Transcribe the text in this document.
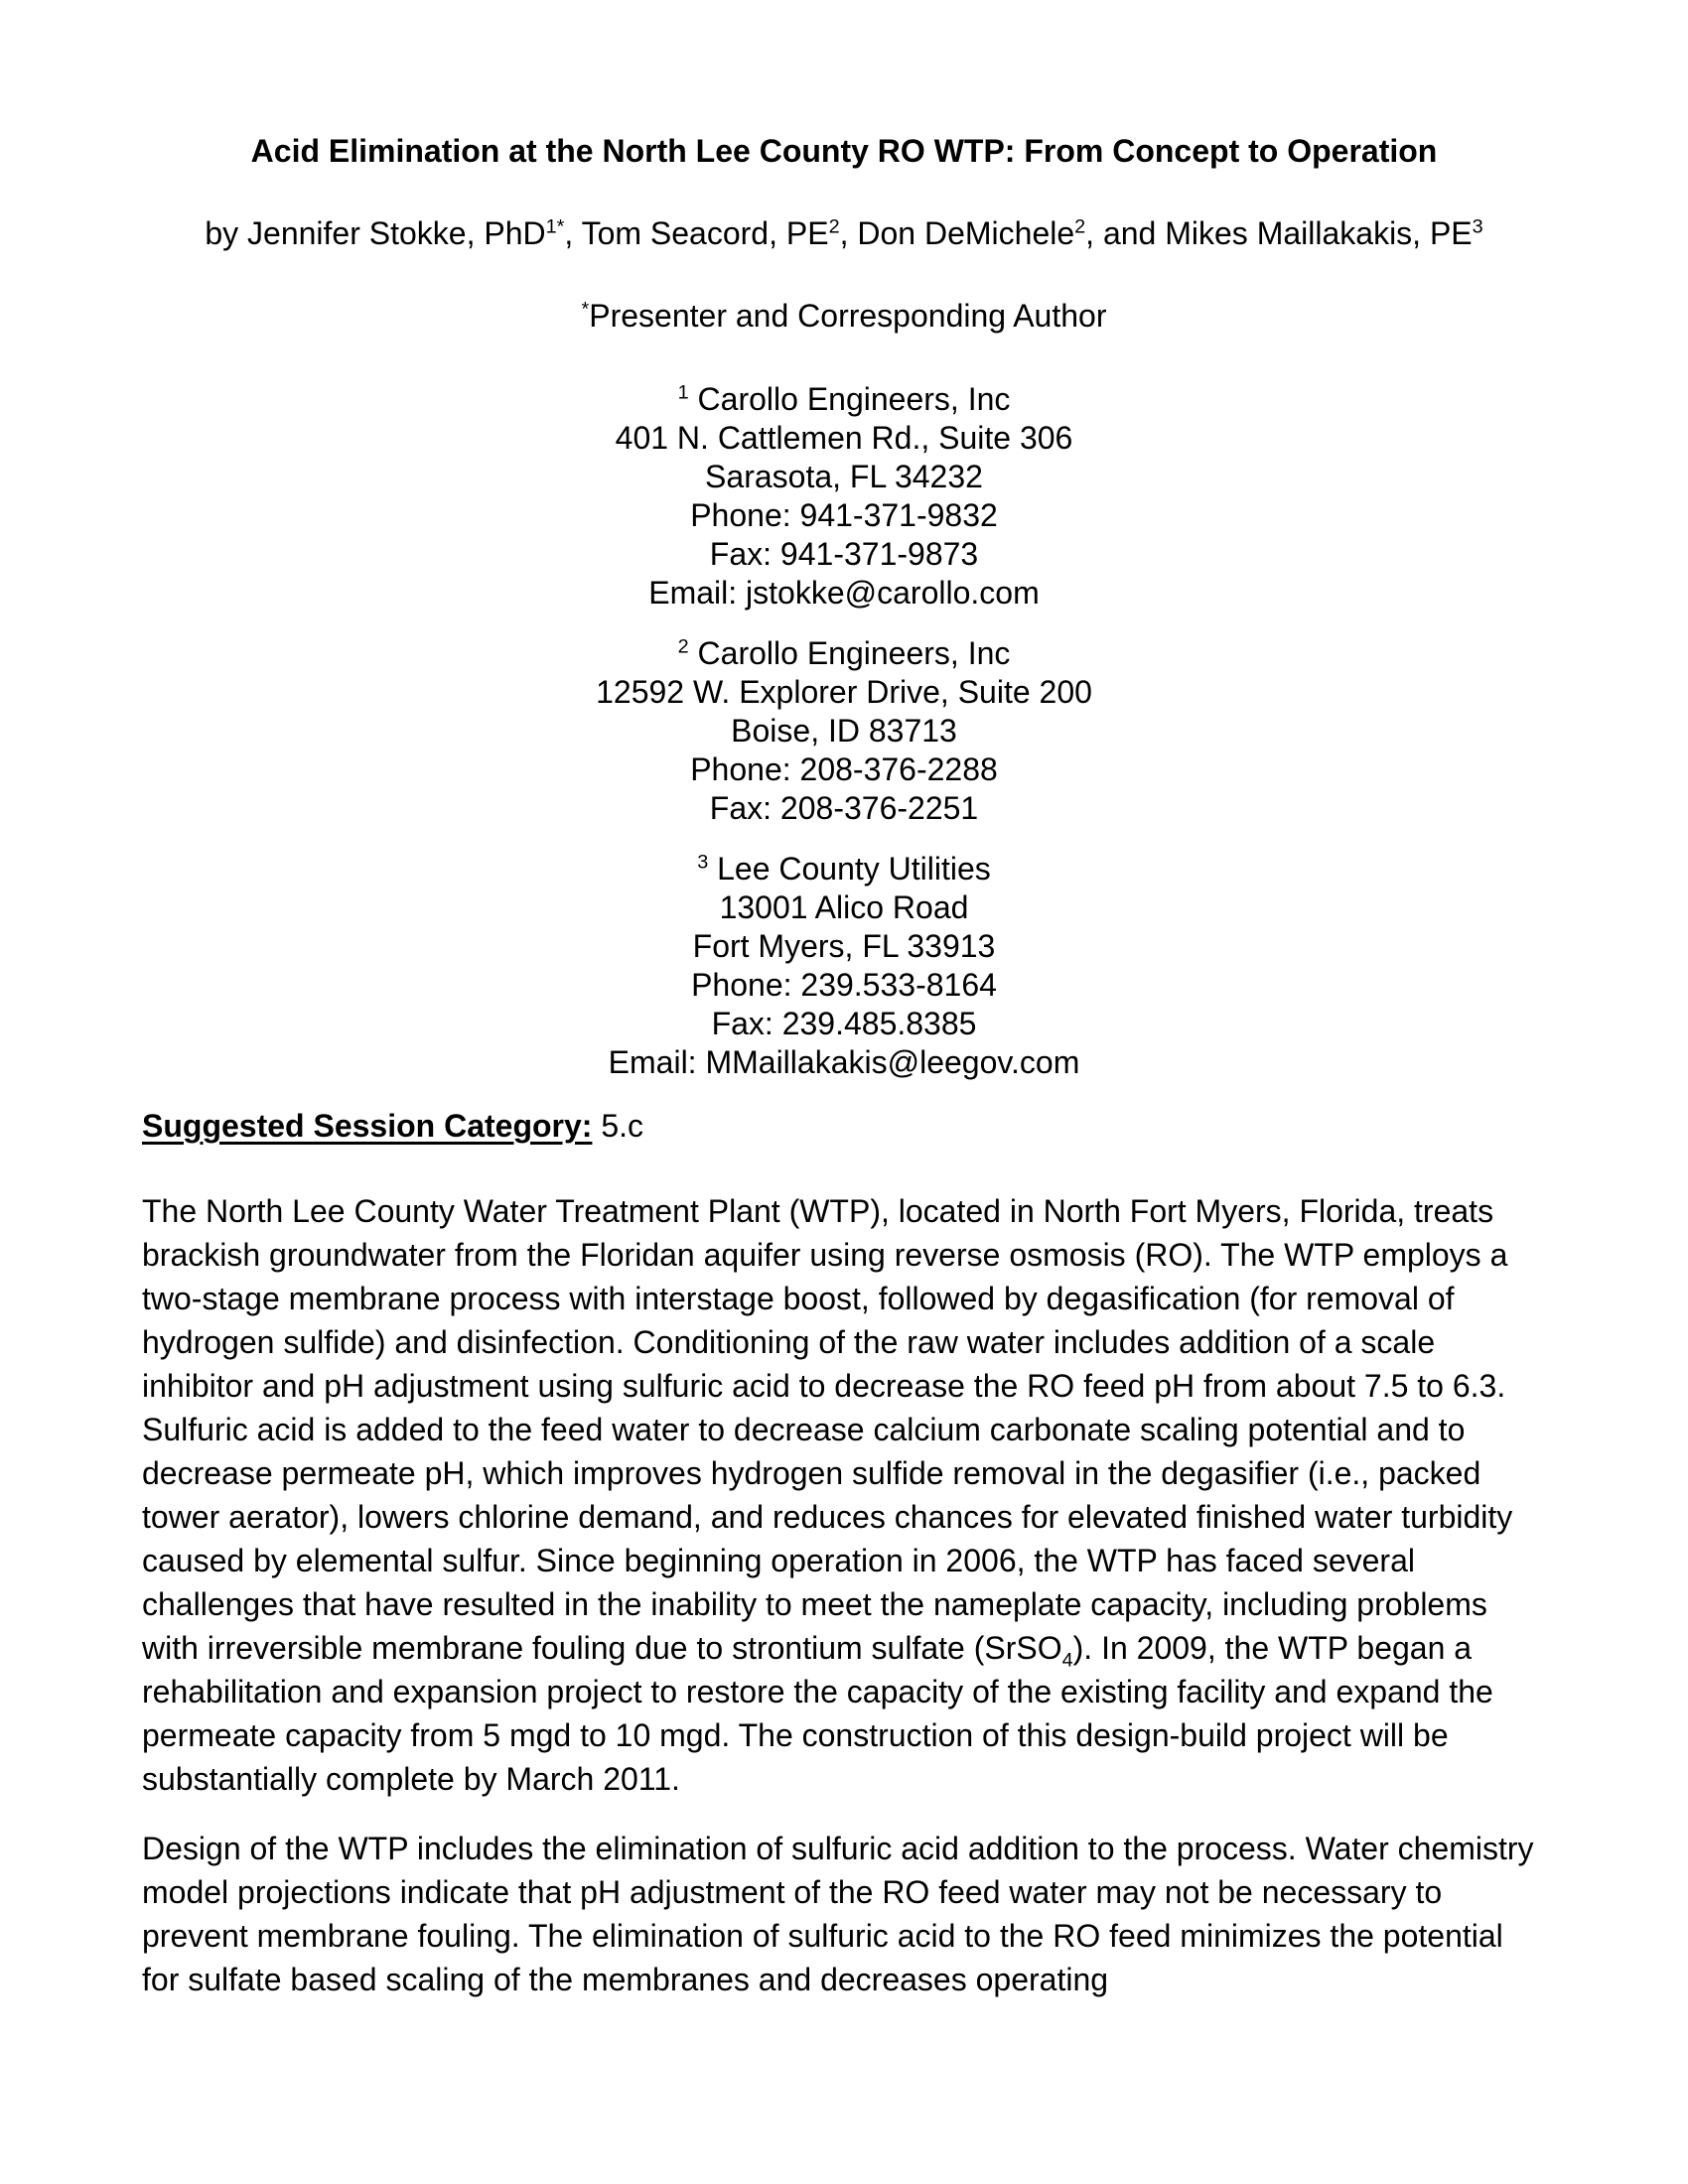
Acid Elimination at the North Lee County RO WTP: From Concept to Operation
by Jennifer Stokke, PhD$^{1*}$, Tom Seacord, $PE^2$, Don DeMichele$^2$, and Mikes Maillakakis, $PE^3$
*Presenter and Corresponding Author
$^1$ Carollo Engineers, Inc
401 N. Cattlemen Rd., Suite 306
Sarasota, FL 34232
Phone: 941-371-9832
Fax: 941-371-9873
Email: jstokke@carollo.com
$^2$ Carollo Engineers, Inc
12592 W. Explorer Drive, Suite 200
Boise, ID 83713
Phone: 208-376-2288
Fax: 208-376-2251
$^3$ Lee County Utilities
13001 Alico Road
Fort Myers, FL 33913
Phone: 239.533-8164
Fax: 239.485.8385
Email: MMaillakakis@leegov.com
Suggested Session Category: 5.c

The North Lee County Water Treatment Plant (WTP), located in North Fort Myers, Florida, treats brackish groundwater from the Floridan aquifer using reverse osmosis (RO). The WTP employs a two-stage membrane process with interstage boost, followed by degasification (for removal of hydrogen sulfide) and disinfection. Conditioning of the raw water includes addition of a scale inhibitor and pH adjustment using sulfuric acid to decrease the RO feed pH from about 7.5 to 6.3. Sulfuric acid is added to the feed water to decrease calcium carbonate scaling potential and to decrease permeate pH, which improves hydrogen sulfide removal in the degasifier (i.e., packed tower aerator), lowers chlorine demand, and reduces chances for elevated finished water turbidity caused by elemental sulfur. Since beginning operation in 2006, the WTP has faced several challenges that have resulted in the inability to meet the nameplate capacity, including problems with irreversible membrane fouling due to strontium sulfate (SrSO$_4$). In 2009, the WTP began a rehabilitation and expansion project to restore the capacity of the existing facility and expand the permeate capacity from 5 mgd to 10 mgd. The construction of this design-build project will be substantially complete by March 2011.

Design of the WTP includes the elimination of sulfuric acid addition to the process. Water chemistry model projections indicate that pH adjustment of the RO feed water may not be necessary to prevent membrane fouling. The elimination of sulfuric acid to the RO feed minimizes the potential for sulfate based scaling of the membranes and decreases operating
